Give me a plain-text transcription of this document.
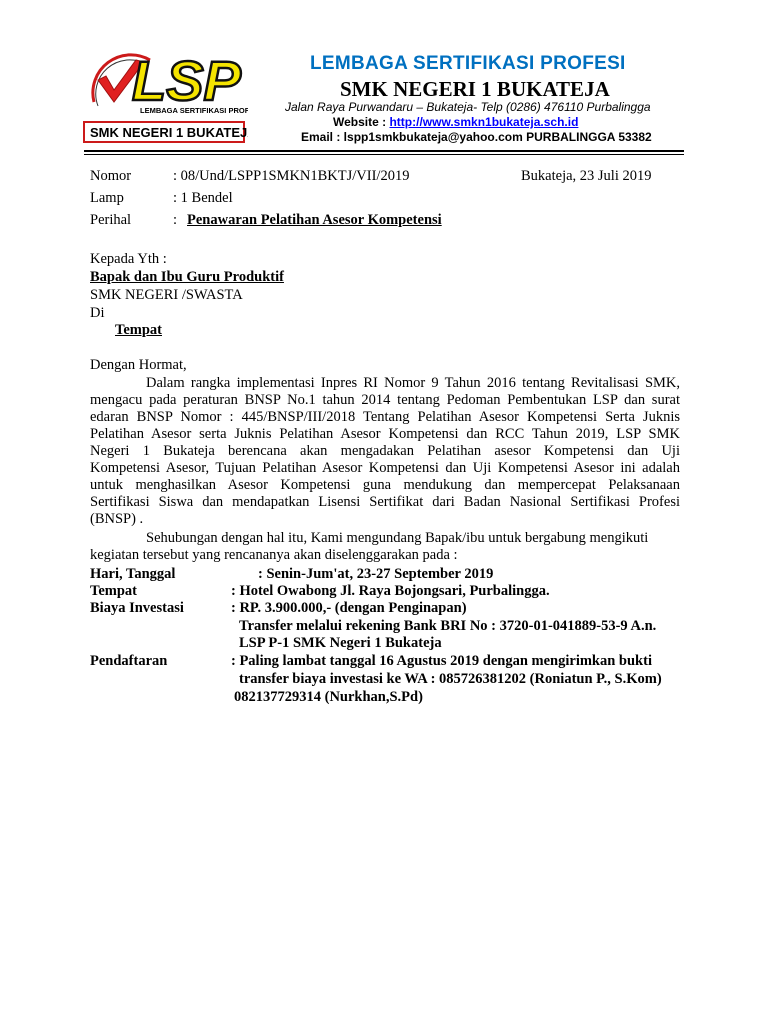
LSP
LEMBAGA SERTIFIKASI PROF
SMK NEGERI 1 BUKATEJA
LEMBAGA SERTIFIKASI PROFESI
SMK NEGERI 1 BUKATEJA
Jalan Raya Purwandaru – Bukateja- Telp (0286) 476110 Purbalingga
Website : http://www.smkn1bukateja.sch.id
Email : lspp1smkbukateja@yahoo.com PURBALINGGA 53382
Nomor	: 08/Und/LSPP1SMKN1BKTJ/VII/2019	Bukateja, 23 Juli 2019
Lamp	: 1 Bendel
Perihal	: Penawaran Pelatihan Asesor Kompetensi
Kepada Yth :
Bapak dan Ibu Guru Produktif
SMK NEGERI /SWASTA
Di
Tempat
Dengan Hormat,
Dalam rangka implementasi Inpres RI Nomor 9 Tahun 2016 tentang Revitalisasi SMK,
mengacu pada peraturan BNSP No.1 tahun 2014 tentang Pedoman Pembentukan LSP dan surat
edaran BNSP Nomor : 445/BNSP/III/2018 Tentang Pelatihan Asesor Kompetensi Serta Juknis
Pelatihan Asesor serta Juknis Pelatihan Asesor Kompetensi dan RCC Tahun 2019, LSP SMK
Negeri 1 Bukateja berencana akan mengadakan Pelatihan asesor Kompetensi dan Uji
Kompetensi Asesor, Tujuan Pelatihan Asesor Kompetensi dan Uji Kompetensi Asesor ini adalah
untuk menghasilkan Asesor Kompetensi guna mendukung dan mempercepat Pelaksanaan
Sertifikasi Siswa dan mendapatkan Lisensi Sertifikat dari Badan Nasional Sertifikasi Profesi
(BNSP) .
Sehubungan dengan hal itu, Kami mengundang Bapak/ibu untuk bergabung mengikuti
kegiatan tersebut yang rencananya akan diselenggarakan pada :
Hari, Tanggal	: Senin-Jum'at, 23-27 September 2019
Tempat	: Hotel Owabong Jl. Raya Bojongsari, Purbalingga.
Biaya Investasi	: RP. 3.900.000,- (dengan Penginapan)
Transfer melalui rekening Bank BRI No : 3720-01-041889-53-9 A.n.
LSP P-1 SMK Negeri 1 Bukateja
Pendaftaran	: Paling lambat tanggal 16 Agustus 2019 dengan mengirimkan bukti
transfer biaya investasi ke WA : 085726381202 (Roniatun P., S.Kom)
082137729314 (Nurkhan,S.Pd)
